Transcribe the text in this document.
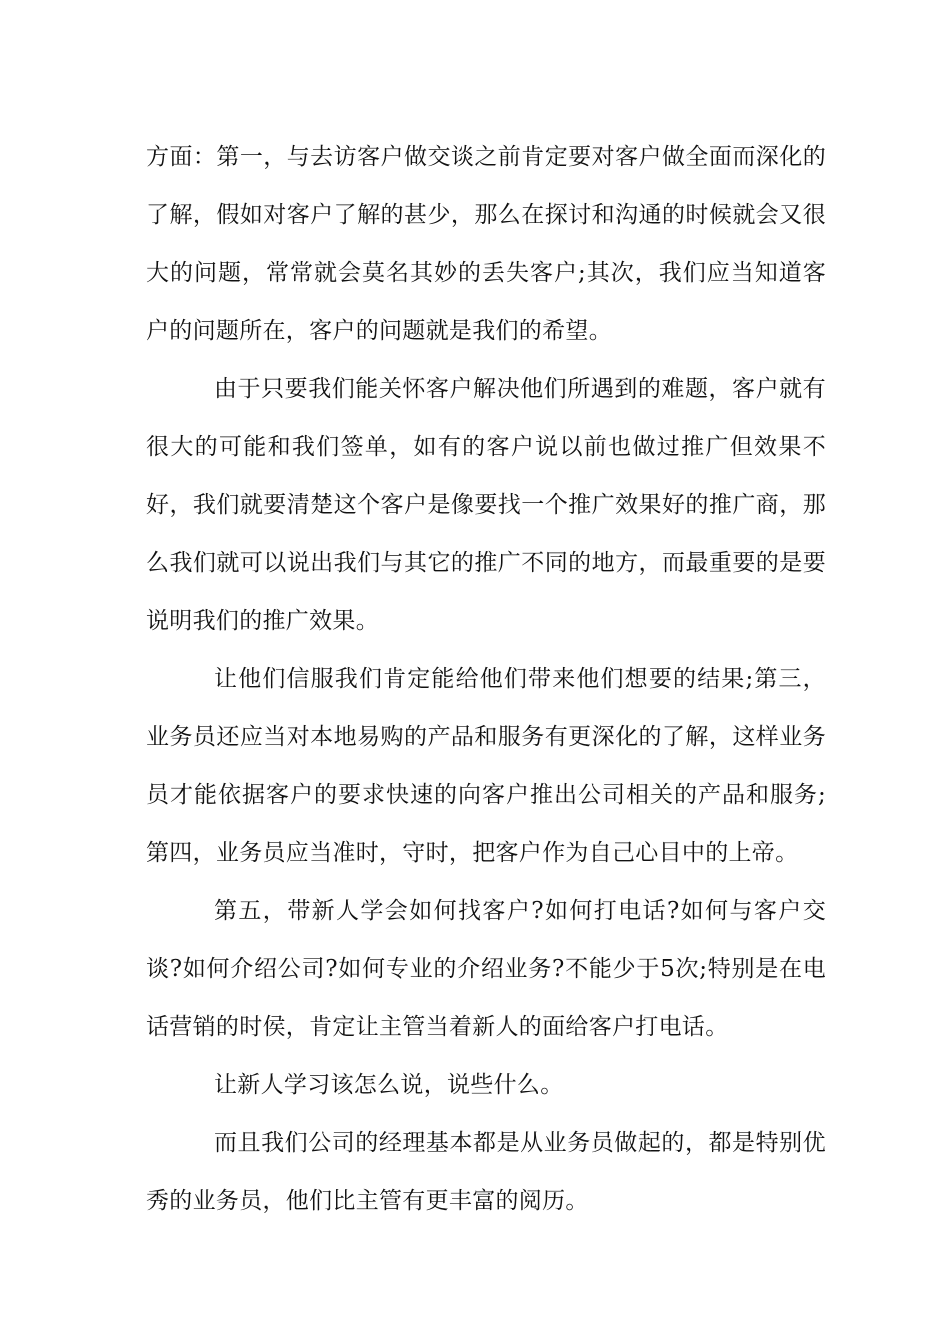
方面：第一，与去访客户做交谈之前肯定要对客户做全面而深化的了解，假如对客户了解的甚少，那么在探讨和沟通的时候就会又很大的问题，常常就会莫名其妙的丢失客户;其次，我们应当知道客户的问题所在，客户的问题就是我们的希望。

由于只要我们能关怀客户解决他们所遇到的难题，客户就有很大的可能和我们签单，如有的客户说以前也做过推广但效果不好，我们就要清楚这个客户是像要找一个推广效果好的推广商，那么我们就可以说出我们与其它的推广不同的地方，而最重要的是要说明我们的推广效果。

让他们信服我们肯定能给他们带来他们想要的结果;第三，业务员还应当对本地易购的产品和服务有更深化的了解，这样业务员才能依据客户的要求快速的向客户推出公司相关的产品和服务;第四，业务员应当准时，守时，把客户作为自己心目中的上帝。

第五，带新人学会如何找客户?如何打电话?如何与客户交谈?如何介绍公司?如何专业的介绍业务?不能少于5次;特别是在电话营销的时侯，肯定让主管当着新人的面给客户打电话。

让新人学习该怎么说，说些什么。

而且我们公司的经理基本都是从业务员做起的，都是特别优秀的业务员，他们比主管有更丰富的阅历。
